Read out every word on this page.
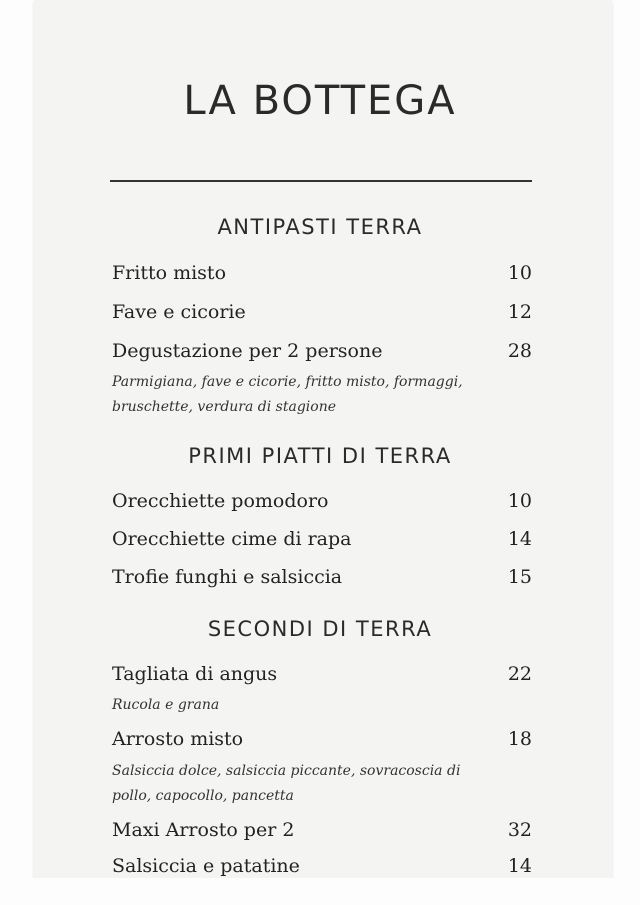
LA BOTTEGA
ANTIPASTI TERRA
Fritto misto	10
Fave e cicorie	12
Degustazione per 2 persone	28
Parmigiana, fave e cicorie, fritto misto, formaggi, bruschette, verdura di stagione
PRIMI PIATTI DI TERRA
Orecchiette pomodoro	10
Orecchiette cime di rapa	14
Trofie funghi e salsiccia	15
SECONDI DI TERRA
Tagliata di angus	22
Rucola e grana
Arrosto misto	18
Salsiccia dolce, salsiccia piccante, sovracoscia di pollo, capocollo, pancetta
Maxi Arrosto per 2	32
Salsiccia e patatine	14
